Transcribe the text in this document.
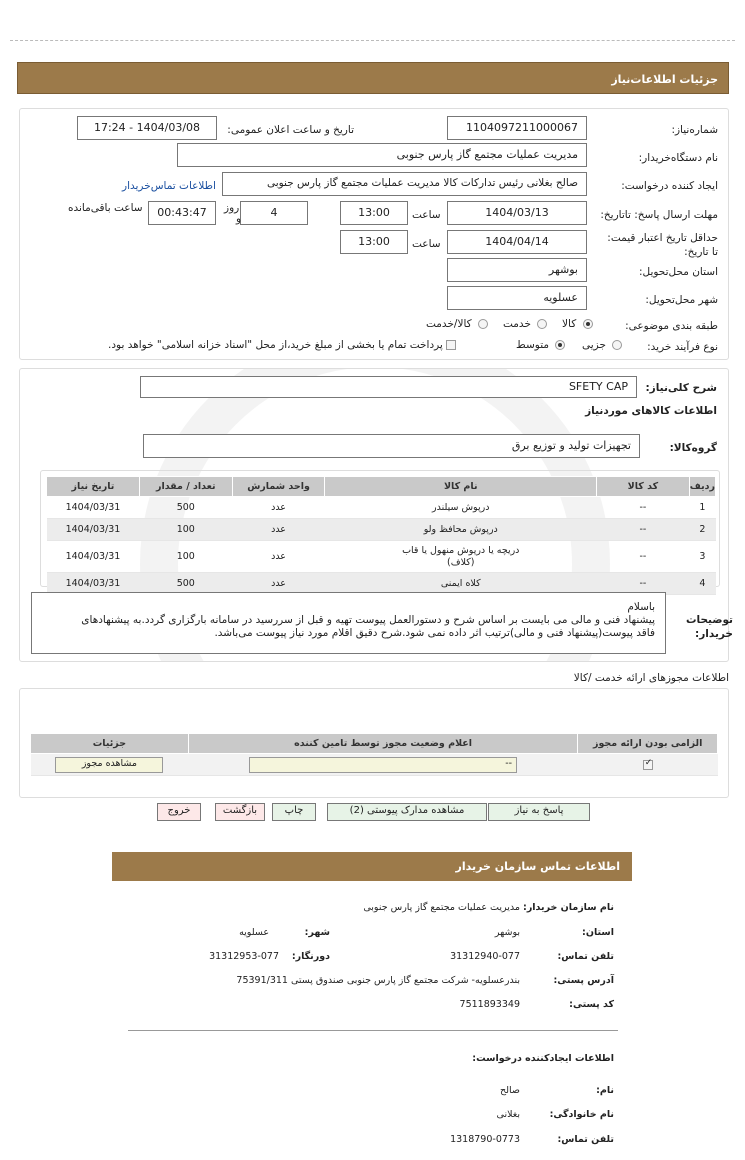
جزئیات اطلاعات‌نیاز
شماره‌نیاز:
1104097211000067
تاریخ و ساعت اعلان عمومی:
1404/03/08 - 17:24
نام دستگاه‌خریدار:
مدیریت عملیات مجتمع گاز پارس جنوبی
ایجاد کننده درخواست:
صالح بغلانی رئیس تدارکات کالا مدیریت عملیات مجتمع گاز پارس جنوبی
اطلاعات تماس‌خریدار
مهلت ارسال پاسخ: تاتاریخ:
1404/03/13
ساعت
13:00
4
روز
و
00:43:47
ساعت باقی‌مانده
حداقل تاریخ اعتبار قیمت: تا تاریخ:
1404/04/14
ساعت
13:00
استان محل‌تحویل:
بوشهر
شهر محل‌تحویل:
عسلویه
طبقه بندی موضوعی:
کالا
خدمت
کالا/خدمت
نوع فرآیند خرید:
جزیی
متوسط
پرداخت تمام یا بخشی از مبلغ خرید،از محل "اسناد خزانه اسلامی" خواهد بود.
شرح کلی‌نیاز:
SFETY CAP
اطلاعات کالاهای موردنیاز
گروه‌کالا:
تجهیزات تولید و توزیع برق
ردیف	کد کالا	نام کالا	واحد شمارش	تعداد / مقدار	تاریخ نیاز
1	--	درپوش سیلندر	عدد	500	1404/03/31
2	--	درپوش محافظ ولو	عدد	100	1404/03/31
3	--	دریچه یا درپوش منهول یا قاب (کلاف)	عدد	100	1404/03/31
4	--	کلاه ایمنی	عدد	500	1404/03/31
توضیحات خریدار:
باسلام
پیشنهاد فنی و مالی می بایست بر اساس شرح و دستورالعمل پیوست تهیه و قبل از سررسید در سامانه بارگزاری گردد.به پیشنهادهای
فاقد پیوست(پیشنهاد فنی و مالی)ترتیب اثر داده نمی شود.شرح دقیق اقلام مورد نیاز پیوست می‌باشد.
اطلاعات مجوزهای ارائه خدمت /کالا
الزامی بودن ارائه مجوز	اعلام وضعیت مجوز توسط تامین کننده	جزئیات

✓	--	مشاهده مجوز
پاسخ به نیاز
مشاهده مدارک پیوستی (2)
چاپ
بازگشت
خروج
اطلاعات تماس سازمان خریدار
نام سازمان خریدار:
مدیریت عملیات مجتمع گاز پارس جنوبی
استان:
بوشهر
شهر:
عسلویه
تلفن تماس:
31312940-077
دورنگار:
31312953-077
آدرس پستی:
بندرعسلویه- شرکت مجتمع گاز پارس جنوبی صندوق پستی 75391/311
کد پستی:
7511893349
اطلاعات ایجادکننده درخواست:
نام:
صالح
نام خانوادگی:
بغلانی
تلفن تماس:
1318790-0773
